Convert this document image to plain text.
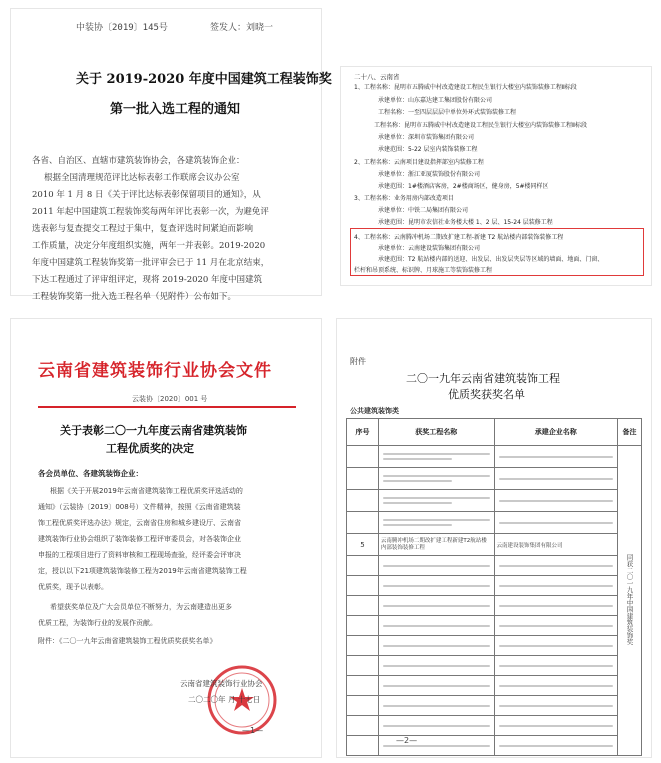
中装协〔2019〕145号	签发人：刘晓一
关于 2019-2020 年度中国建筑工程装饰奖
第一批入选工程的通知
各省、自治区、直辖市建筑装饰协会，各建筑装饰企业：
根据全国清理规范评比达标表彰工作联席会议办公室
2010 年 1 月 8 日《关于评比达标表彰保留项目的通知》，从
2011 年起中国建筑工程装饰奖每两年评比表彰一次，为避免评
选表彰与复查提交工程过于集中，复查评选时间紧迫而影响
工作质量，决定分年度组织实施，两年一并表彰。2019-2020
年度中国建筑工程装饰奖第一批评审会已于 11 月在北京结束，
下达工程通过了评审组评定，现将 2019-2020 年度中国建筑
工程装饰奖第一批入选工程名单（见附件）公布如下。
二十八、云南省
1、工程名称：昆明市五腾威中村改造建设工程民生银行大楼室内装饰装修工程Ⅱ标段
承建单位：山东嘉达建工集团股份有限公司
工程名称：一至四层层层中单位外环式装饰装修工程
工程名称：昆明市五腾威中村改造建设工程民生银行大楼室内装饰装修工程Ⅱ标段
承建单位：深圳市装饰集团有限公司
承建范围：5-22 层室内装饰装修工程
2、工程名称：云南项目建设指挥部室内装修工程
承建单位：浙江亚厦装饰股份有限公司
承建范围：1#楼酒店客房，2#楼商场区，健身房，5#楼同样区
3、工程名称：业务用房内部改造项目
承建单位：中铁二局集团有限公司
承建范围：昆明市农信社业务楼大楼 1、2 层、15-24 层装修工程
4、工程名称：云南腾冲机场二期改扩建工程-新建 T2 航站楼内部装饰装修工程
承建单位：云南建设装饰集团有限公司
承建范围：T2 航站楼内部的送迎、出发层、出发层夹层等区域的墙面、地面、门窗、
栏杆和吊顶系统、标识牌、月球施工等装饰装修工程
云南省建筑装饰行业协会文件
云装协〔2020〕001 号
关于表彰二〇一九年度云南省建筑装饰
工程优质奖的决定
各会员单位、各建筑装饰企业：
根据《关于开展2019年云南省建筑装饰工程优质奖评选活动的
通知》（云装协〔2019〕008号）文件精神，按照《云南省建筑装
饰工程优质奖评选办法》规定，云南省住房和城乡建设厅、云南省
建筑装饰行业协会组织了装饰装修工程评审委员会，对各装饰企业
申报的工程项目进行了资料审核和工程现场查验，经评委会评审决
定，授以以下21项建筑装饰装修工程为2019年云南省建筑装饰工程
优质奖，现予以表彰。
希望获奖单位及广大会员单位不断努力，为云南建造出更多
优质工程，为装饰行业的发展作贡献。
附件：《二〇一九年云南省建筑装饰工程优质奖获奖名单》
云南省建筑装饰行业协会
二〇二〇年 月 十七日
—1—
附件
二〇一九年云南省建筑装饰工程
优质奖获奖名单
公共建筑装饰类
序号	获奖工程名称	承建企业名称	备注

	同获二〇一九年中国建筑装饰奖

5	云南腾冲机场二期改扩建工程新建T2航站楼内部装饰装修工程	云南建设装饰集团有限公司	

—2—
